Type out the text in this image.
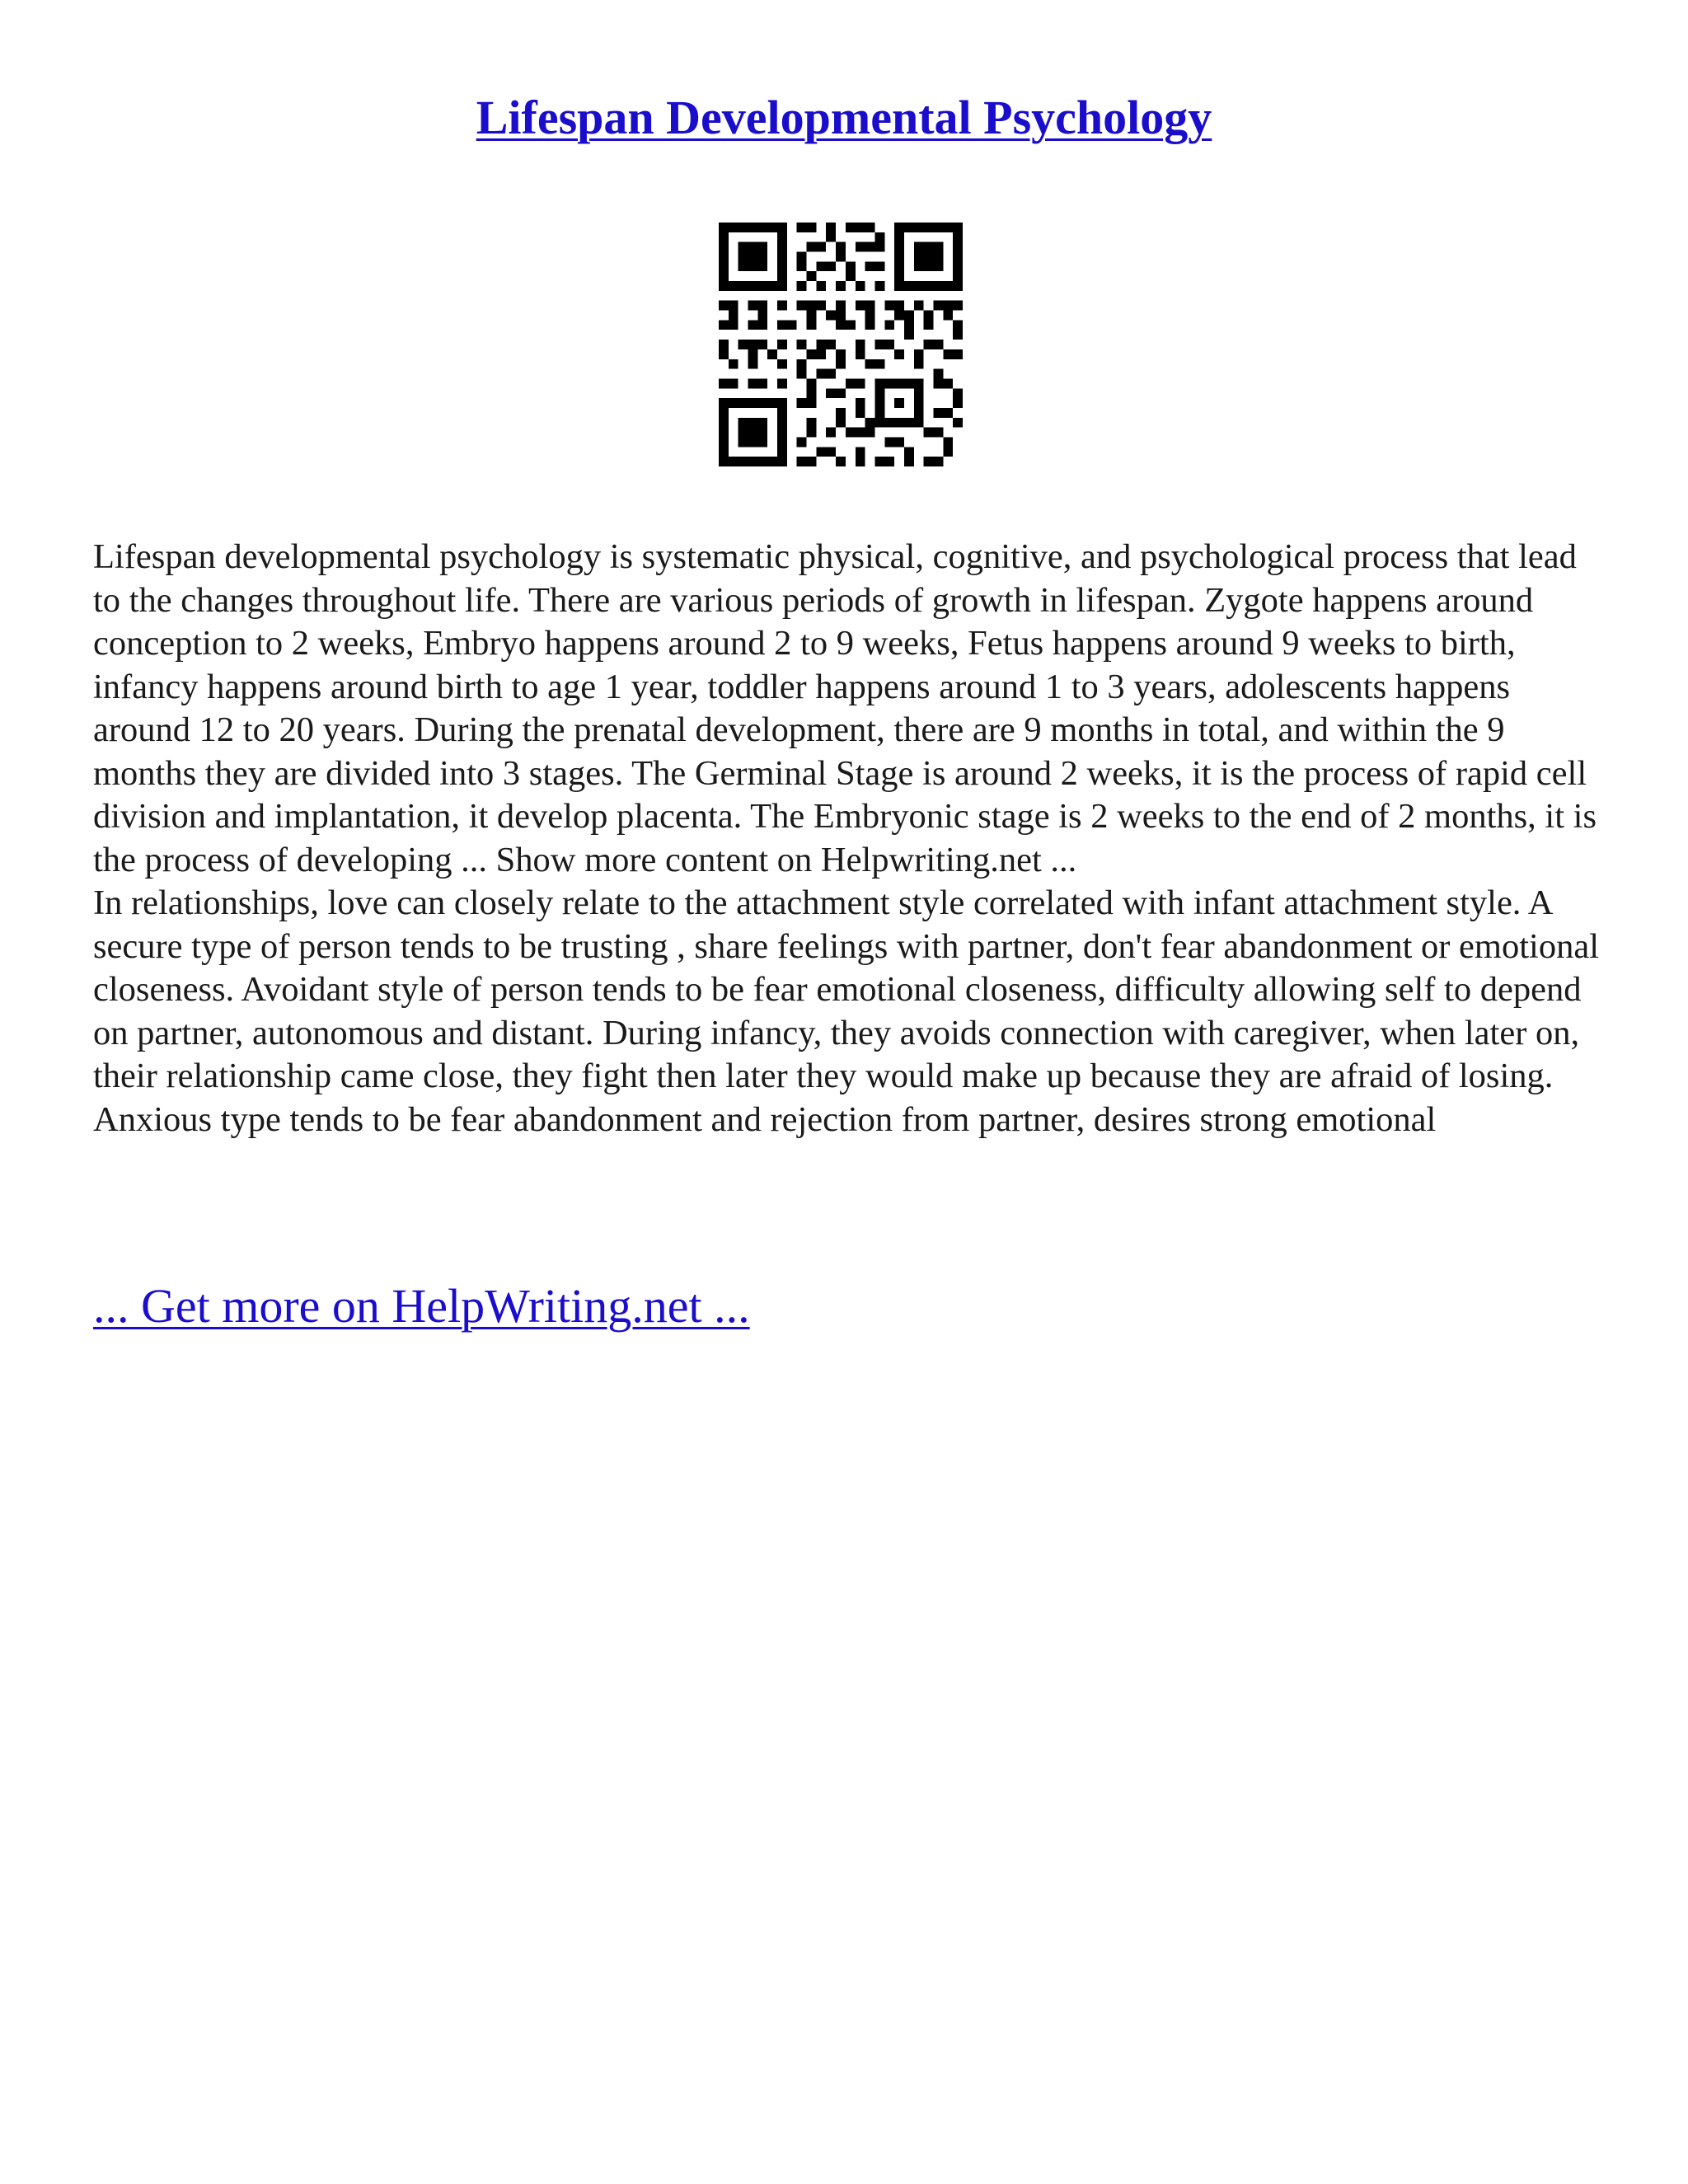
Lifespan Developmental Psychology

Lifespan developmental psychology is systematic physical, cognitive, and psychological process that lead to the changes throughout life. There are various periods of growth in lifespan. Zygote happens around conception to 2 weeks, Embryo happens around 2 to 9 weeks, Fetus happens around 9 weeks to birth, infancy happens around birth to age 1 year, toddler happens around 1 to 3 years, adolescents happens around 12 to 20 years. During the prenatal development, there are 9 months in total, and within the 9 months they are divided into 3 stages. The Germinal Stage is around 2 weeks, it is the process of rapid cell division and implantation, it develop placenta. The Embryonic stage is 2 weeks to the end of 2 months, it is the process of developing ... Show more content on Helpwriting.net ...

In relationships, love can closely relate to the attachment style correlated with infant attachment style. A secure type of person tends to be trusting , share feelings with partner, don't fear abandonment or emotional closeness. Avoidant style of person tends to be fear emotional closeness, difficulty allowing self to depend on partner, autonomous and distant. During infancy, they avoids connection with caregiver, when later on, their relationship came close, they fight then later they would make up because they are afraid of losing. Anxious type tends to be fear abandonment and rejection from partner, desires strong emotional

... Get more on HelpWriting.net ...
